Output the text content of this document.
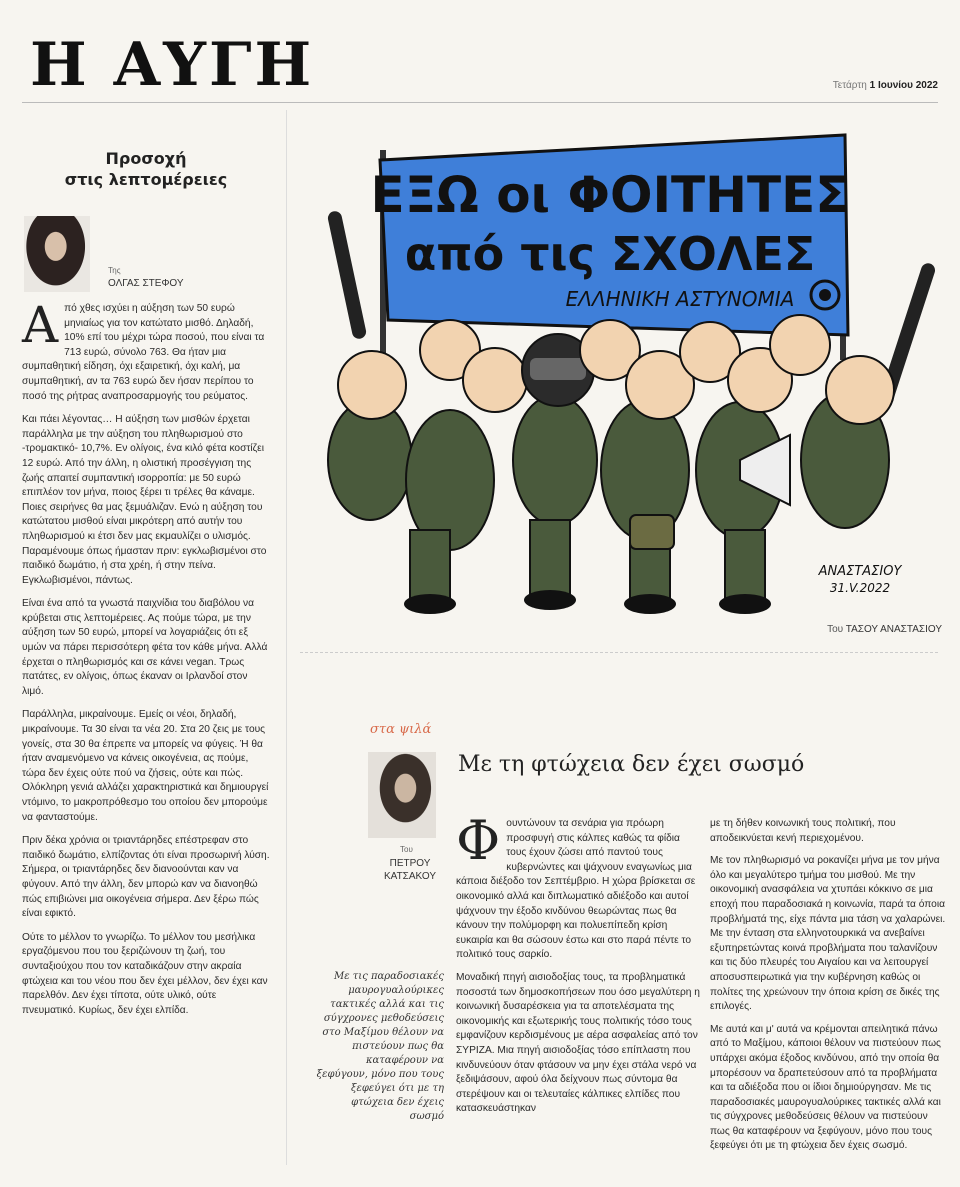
Η ΑΥΓΗ	Τετάρτη 1 Ιουνίου 2022
Προσοχή
στις λεπτομέρειες
Της
ΟΛΓΑΣ ΣΤΕΦΟΥ

Από χθες ισχύει η αύξηση των 50 ευρώ μηνιαίως για τον κατώτατο μισθό. Δηλαδή, 10% επί του μέχρι τώρα ποσού, που είναι τα 713 ευρώ, σύνολο 763. Θα ήταν μια συμπαθητική είδηση, όχι εξαιρετική, όχι καλή, μα συμπαθητική, αν τα 763 ευρώ δεν ήσαν περίπου το ποσό της ρήτρας αναπροσαρμογής του ρεύματος.

Και πάει λέγοντας… Η αύξηση των μισθών έρχεται παράλληλα με την αύξηση του πληθωρισμού στο -τρομακτικό- 10,7%. Εν ολίγοις, ένα κιλό φέτα κοστίζει 12 ευρώ. Από την άλλη, η ολιστική προσέγγιση της ζωής απαιτεί συμπαντική ισορροπία: με 50 ευρώ επιπλέον τον μήνα, ποιος ξέρει τι τρέλες θα κάναμε. Ποιες σειρήνες θα μας ξεμυάλιζαν. Ενώ η αύξηση του κατώτατου μισθού είναι μικρότερη από αυτήν του πληθωρισμού κι έτσι δεν μας εκμαυλίζει ο υλισμός. Παραμένουμε όπως ήμασταν πριν: εγκλωβισμένοι στο παιδικό δωμάτιο, ή στα χρέη, ή στην πείνα. Εγκλωβισμένοι, πάντως.

Είναι ένα από τα γνωστά παιχνίδια του διαβόλου να κρύβεται στις λεπτομέρειες. Ας πούμε τώρα, με την αύξηση των 50 ευρώ, μπορεί να λογαριάζεις ότι εξ υμών να πάρει περισσότερη φέτα τον κάθε μήνα. Αλλά έρχεται ο πληθωρισμός και σε κάνει vegan. Τρως πατάτες, εν ολίγοις, όπως έκαναν οι Ιρλανδοί στον λιμό.

Παράλληλα, μικραίνουμε. Εμείς οι νέοι, δηλαδή, μικραίνουμε. Τα 30 είναι τα νέα 20. Στα 20 ζεις με τους γονείς, στα 30 θα έπρεπε να μπορείς να φύγεις. Ή θα ήταν αναμενόμενο να κάνεις οικογένεια, ας πούμε, τώρα δεν έχεις ούτε πού να ζήσεις, ούτε και πώς. Ολόκληρη γενιά αλλάζει χαρακτηριστικά και δημιουργεί ντόμινο, το μακροπρόθεσμο του οποίου δεν μπορούμε να φανταστούμε.

Πριν δέκα χρόνια οι τριαντάρηδες επέστρεφαν στο παιδικό δωμάτιο, ελπίζοντας ότι είναι προσωρινή λύση. Σήμερα, οι τριαντάρηδες δεν διανοούνται καν να φύγουν. Από την άλλη, δεν μπορώ καν να διανοηθώ πώς επιβιώνει μια οικογένεια σήμερα. Δεν ξέρω πώς είναι εφικτό.

Ούτε το μέλλον το γνωρίζω. Το μέλλον του μεσήλικα εργαζόμενου που του ξεριζώνουν τη ζωή, του συνταξιούχου που τον καταδικάζουν στην ακραία φτώχεια και του νέου που δεν έχει μέλλον, δεν έχει καν παρελθόν. Δεν έχει τίποτα, ούτε υλικό, ούτε πνευματικό. Κυρίως, δεν έχει ελπίδα.

ΕΞΩ οι ΦΟΙΤΗΤΕΣ
από τις ΣΧΟΛΕΣ
ΕΛΛΗΝΙΚΗ ΑΣΤΥΝΟΜΙΑ
ΑΝΑΣΤΑΣΙΟΥ
31.V.2022
Του ΤΑΣΟΥ ΑΝΑΣΤΑΣΙΟΥ
στα ψιλά
Του
ΠΕΤΡΟΥ
ΚΑΤΣΑΚΟΥ
Με τη φτώχεια δεν έχει σωσμό
Με τις παραδοσιακές μαυρογυαλούρικες τακτικές αλλά και τις σύγχρονες μεθοδεύσεις στο Μαξίμου θέλουν να πιστεύουν πως θα καταφέρουν να ξεφύγουν, μόνο που τους ξεφεύγει ότι με τη φτώχεια δεν έχεις σωσμό

Φουντώνουν τα σενάρια για πρόωρη προσφυγή στις κάλπες καθώς τα φίδια τους έχουν ζώσει από παντού τους κυβερνώντες και ψάχνουν εναγωνίως μια κάποια διέξοδο τον Σεπτέμβριο. Η χώρα βρίσκεται σε οικονομικό αλλά και διπλωματικό αδιέξοδο και αυτοί ψάχνουν την έξοδο κινδύνου θεωρώντας πως θα κάνουν την πολύμορφη και πολυεπίπεδη κρίση ευκαιρία και θα σώσουν έστω και στο παρά πέντε το πολιτικό τους σαρκίο.

Μοναδική πηγή αισιοδοξίας τους, τα προβληματικά ποσοστά των δημοσκοπήσεων που όσο μεγαλύτερη η κοινωνική δυσαρέσκεια για τα αποτελέσματα της οικονομικής και εξωτερικής τους πολιτικής τόσο τους εμφανίζουν κερδισμένους με αέρα ασφαλείας από τον ΣΥΡΙΖΑ. Μια πηγή αισιοδοξίας τόσο επίπλαστη που κινδυνεύουν όταν φτάσουν να μην έχει στάλα νερό να ξεδιψάσουν, αφού όλα δείχνουν πως σύντομα θα στερέψουν και οι τελευταίες κάλπικες ελπίδες που κατασκευάστηκαν

με τη δήθεν κοινωνική τους πολιτική, που αποδεικνύεται κενή περιεχομένου.

Με τον πληθωρισμό να ροκανίζει μήνα με τον μήνα όλο και μεγαλύτερο τμήμα του μισθού. Με την οικονομική ανασφάλεια να χτυπάει κόκκινο σε μια εποχή που παραδοσιακά η κοινωνία, παρά τα όποια προβλήματά της, είχε πάντα μια τάση να χαλαρώνει. Με την ένταση στα ελληνοτουρκικά να ανεβαίνει εξυπηρετώντας κοινά προβλήματα που ταλανίζουν και τις δύο πλευρές του Αιγαίου και να λειτουργεί αποσυσπειρωτικά για την κυβέρνηση καθώς οι πολίτες της χρεώνουν την όποια κρίση σε δικές της επιλογές.

Με αυτά και μ' αυτά να κρέμονται απειλητικά πάνω από το Μαξίμου, κάποιοι θέλουν να πιστεύουν πως υπάρχει ακόμα έξοδος κινδύνου, από την οποία θα μπορέσουν να δραπετεύσουν από τα προβλήματα και τα αδιέξοδα που οι ίδιοι δημιούργησαν. Με τις παραδοσιακές μαυρογυαλούρικες τακτικές αλλά και τις σύγχρονες μεθοδεύσεις θέλουν να πιστεύουν πως θα καταφέρουν να ξεφύγουν, μόνο που τους ξεφεύγει ότι με τη φτώχεια δεν έχεις σωσμό.
